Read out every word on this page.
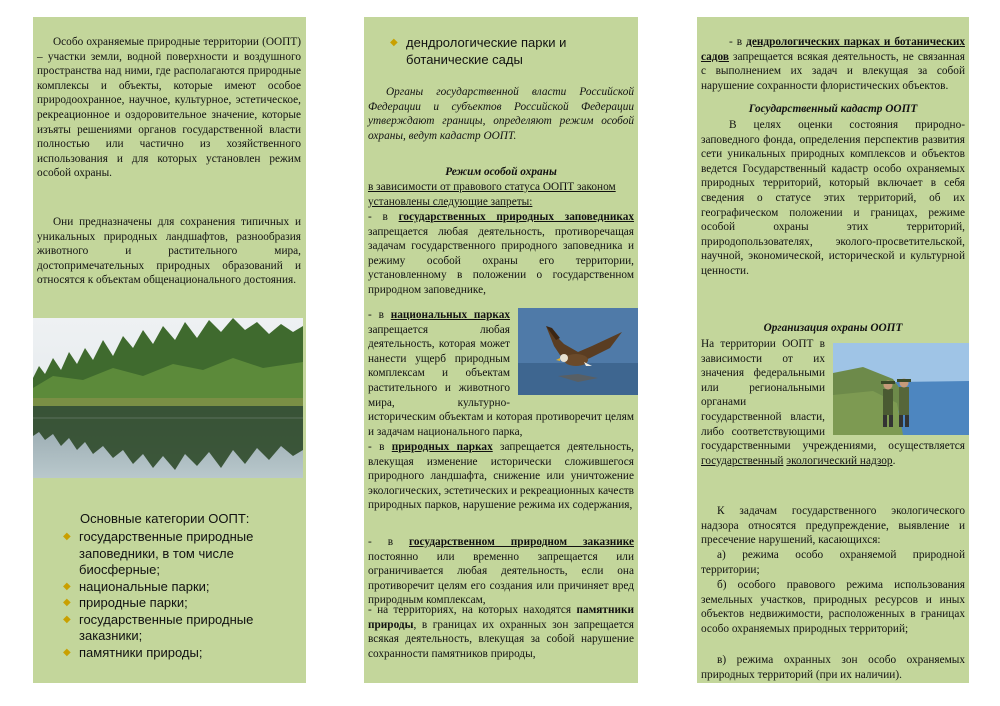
Особо охраняемые природные территории (ООПТ) – участки земли, водной поверхности и воздушного пространства над ними, где располагаются природные комплексы и объекты, которые имеют особое природоохранное, научное, культурное, эстетическое, рекреационное и оздоровительное значение, которые изъяты решениями органов государственной власти полностью или частично из хозяйственного использования и для которых установлен режим особой охраны.

Они предназначены для сохранения типичных и уникальных природных ландшафтов, разнообразия животного и растительного мира, достопримечательных природных образований и относятся к объектам общенационального достояния.

Основные категории ООПТ:
◆ государственные природные заповедники, в том числе биосферные;
◆ национальные парки;
◆ природные парки;
◆ государственные природные заказники;
◆ памятники природы;
◆ дендрологические парки и ботанические сады

Органы государственной власти Российской Федерации и субъектов Российской Федерации утверждают границы, определяют режим особой охраны, ведут кадастр ООПТ.

Режим особой охраны

в зависимости от правового статуса ООПТ законом установлены следующие запреты:

- в государственных природных заповедниках запрещается любая деятельность, противоречащая задачам государственного природного заповедника и режиму особой охраны его территории, установленному в положении о государственном природном заповеднике,

- в национальных парках запрещается любая деятельность, которая может нанести ущерб природным комплексам и объектам растительного и животного мира, культурно-историческим объектам и которая противоречит целям и задачам национального парка,

- в природных парках запрещается деятельность, влекущая изменение исторически сложившегося природного ландшафта, снижение или уничтожение экологических, эстетических и рекреационных качеств природных парков, нарушение режима их содержания,

- в государственном природном заказнике постоянно или временно запрещается или ограничивается любая деятельность, если она противоречит целям его создания или причиняет вред природным комплексам,

- на территориях, на которых находятся памятники природы, в границах их охранных зон запрещается всякая деятельность, влекущая за собой нарушение сохранности памятников природы,

- в дендрологических парках и ботанических садов запрещается всякая деятельность, не связанная с выполнением их задач и влекущая за собой нарушение сохранности флористических объектов.

Государственный кадастр ООПТ

В целях оценки состояния природно-заповедного фонда, определения перспектив развития сети уникальных природных комплексов и объектов ведется Государственный кадастр особо охраняемых природных территорий, который включает в себя сведения о статусе этих территорий, об их географическом положении и границах, режиме особой охраны этих территорий, природопользователях, эколого-просветительской, научной, экономической, исторической и культурной ценности.

Организация охраны ООПТ

На территории ООПТ в зависимости от их значения федеральными или региональными органами государственной власти, либо соответствующими государственными учреждениями, осуществляется государственный экологический надзор.

К задачам государственного экологического надзора относятся предупреждение, выявление и пресечение нарушений, касающихся:

а) режима особо охраняемой природной территории;

б) особого правового режима использования земельных участков, природных ресурсов и иных объектов недвижимости, расположенных в границах особо охраняемых природных территорий;

в) режима охранных зон особо охраняемых природных территорий (при их наличии).
